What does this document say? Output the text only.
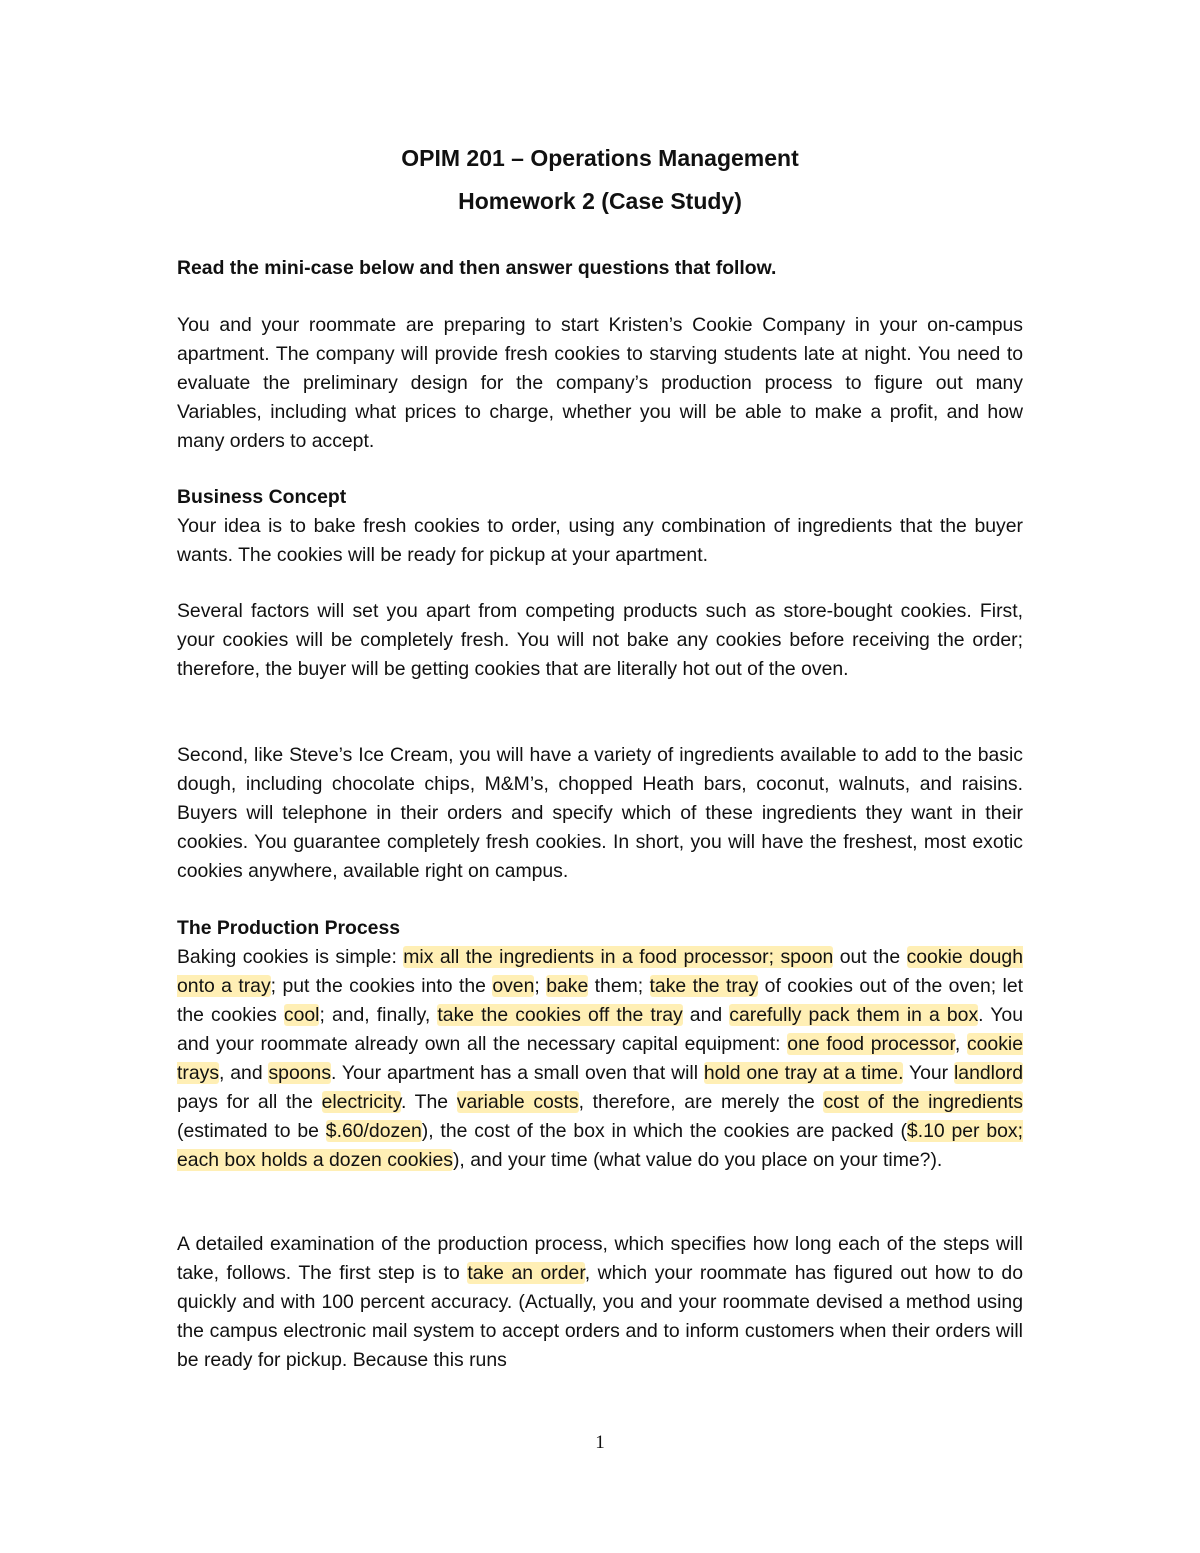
OPIM 201 – Operations Management
Homework 2 (Case Study)

Read the mini-case below and then answer questions that follow.

You and your roommate are preparing to start Kristen’s Cookie Company in your on-campus apartment. The company will provide fresh cookies to starving students late at night. You need to evaluate the preliminary design for the company’s production process to figure out many Variables, including what prices to charge, whether you will be able to make a profit, and how many orders to accept.

Business Concept

Your idea is to bake fresh cookies to order, using any combination of ingredients that the buyer wants. The cookies will be ready for pickup at your apartment.

Several factors will set you apart from competing products such as store-bought cookies. First, your cookies will be completely fresh. You will not bake any cookies before receiving the order; therefore, the buyer will be getting cookies that are literally hot out of the oven.

Second, like Steve’s Ice Cream, you will have a variety of ingredients available to add to the basic dough, including chocolate chips, M&M’s, chopped Heath bars, coconut, walnuts, and raisins. Buyers will telephone in their orders and specify which of these ingredients they want in their cookies. You guarantee completely fresh cookies. In short, you will have the freshest, most exotic cookies anywhere, available right on campus.

The Production Process

Baking cookies is simple: mix all the ingredients in a food processor; spoon out the cookie dough onto a tray; put the cookies into the oven; bake them; take the tray of cookies out of the oven; let the cookies cool; and, finally, take the cookies off the tray and carefully pack them in a box. You and your roommate already own all the necessary capital equipment: one food processor, cookie trays, and spoons. Your apartment has a small oven that will hold one tray at a time. Your landlord pays for all the electricity. The variable costs, therefore, are merely the cost of the ingredients (estimated to be $.60/dozen), the cost of the box in which the cookies are packed ($.10 per box; each box holds a dozen cookies), and your time (what value do you place on your time?).

A detailed examination of the production process, which specifies how long each of the steps will take, follows. The first step is to take an order, which your roommate has figured out how to do quickly and with 100 percent accuracy. (Actually, you and your roommate devised a method using the campus electronic mail system to accept orders and to inform customers when their orders will be ready for pickup. Because this runs

1
